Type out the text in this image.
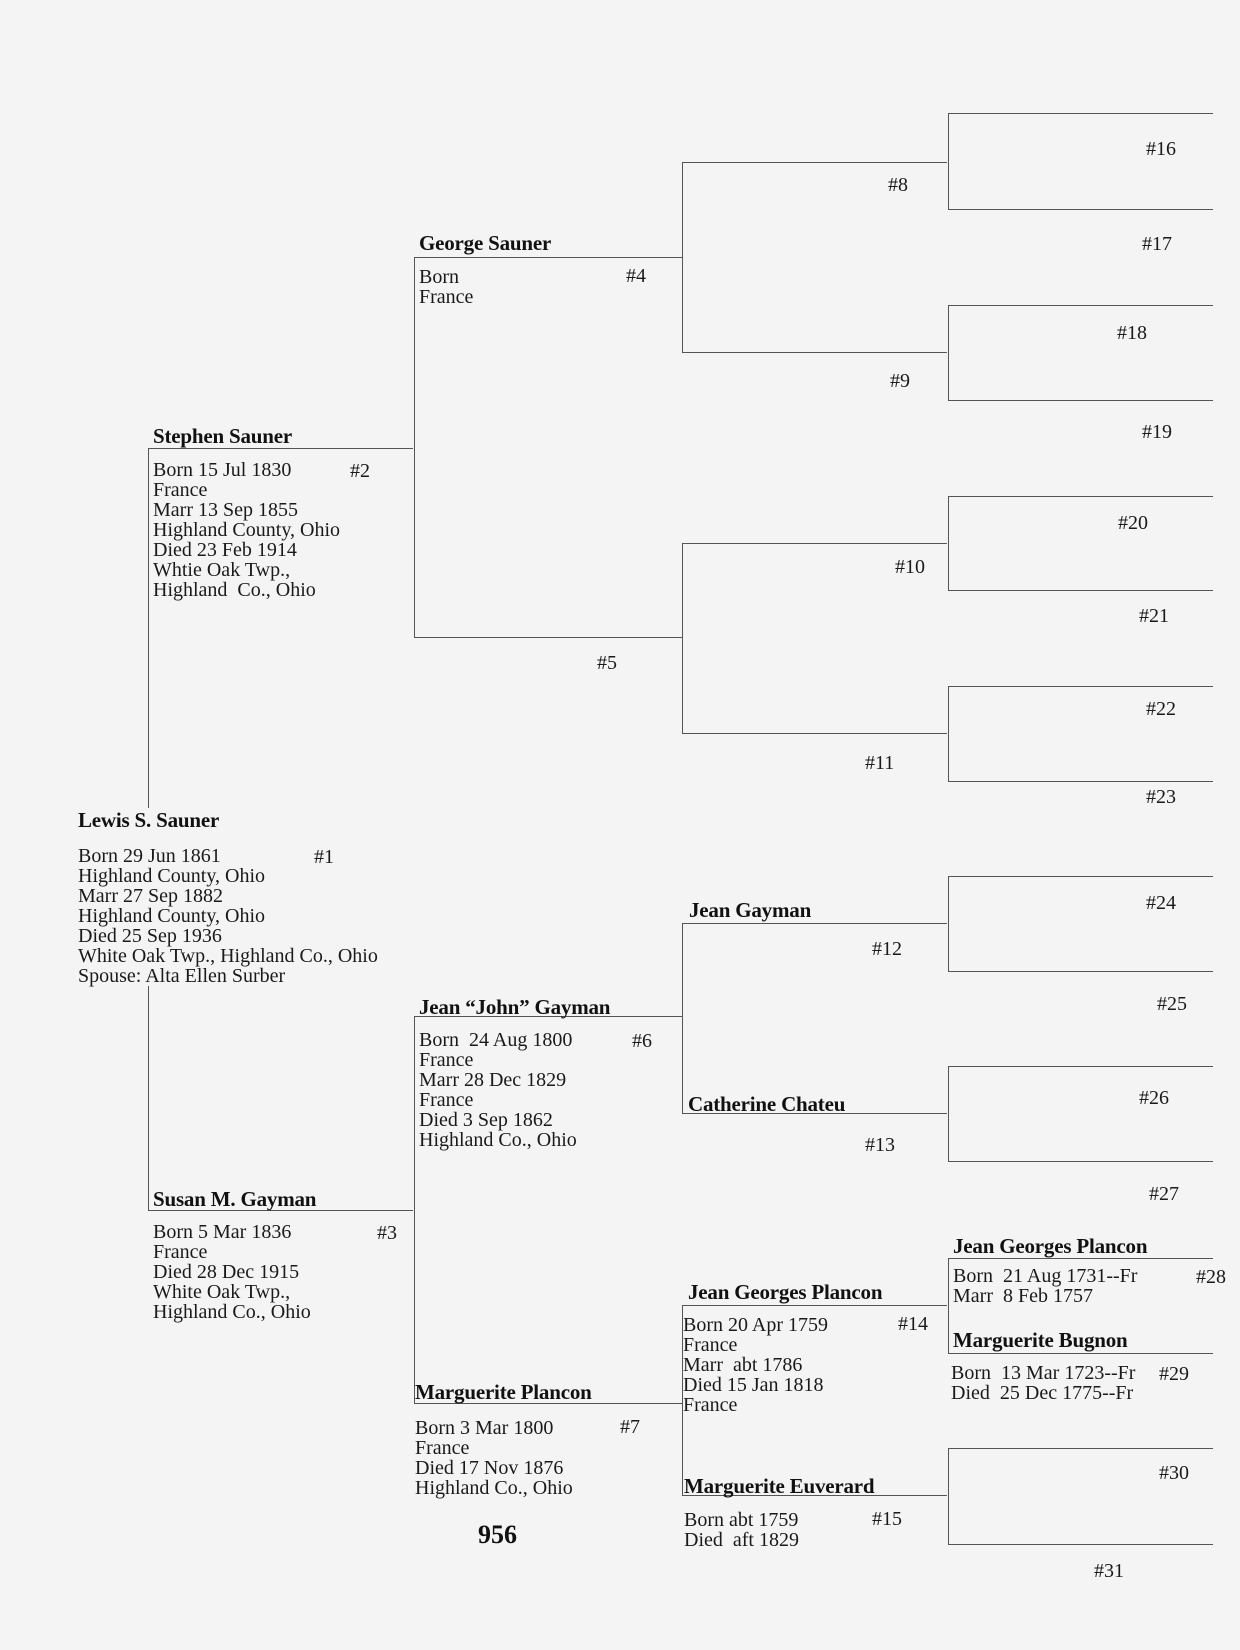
Lewis S. Sauner
Born 29 Jun 1861
Highland County, Ohio
Marr 27 Sep 1882
Highland County, Ohio
Died 25 Sep 1936
White Oak Twp., Highland Co., Ohio
Spouse: Alta Ellen Surber
#1
Stephen Sauner
Born 15 Jul 1830
France
Marr 13 Sep 1855
Highland County, Ohio
Died 23 Feb 1914
Whtie Oak Twp.,
Highland  Co., Ohio
#2
Susan M. Gayman
Born 5 Mar 1836
France
Died 28 Dec 1915
White Oak Twp.,
Highland Co., Ohio
#3
George Sauner
Born
France
#4
#5
Jean “John” Gayman
Born  24 Aug 1800
France
Marr 28 Dec 1829
France
Died 3 Sep 1862
Highland Co., Ohio
#6
Marguerite Plancon
Born 3 Mar 1800
France
Died 17 Nov 1876
Highland Co., Ohio
#7
#8
#9
#10
#11
Jean Gayman
#12
Catherine Chateu
#13
Jean Georges Plancon
Born 20 Apr 1759
France
Marr  abt 1786
Died 15 Jan 1818
France
#14
Marguerite Euverard
Born abt 1759
Died  aft 1829
#15
#16
#17
#18
#19
#20
#21
#22
#23
#24
#25
#26
#27
Jean Georges Plancon
Born  21 Aug 1731--Fr
Marr  8 Feb 1757
#28
Marguerite Bugnon
Born  13 Mar 1723--Fr
Died  25 Dec 1775--Fr
#29
#30
#31
956
